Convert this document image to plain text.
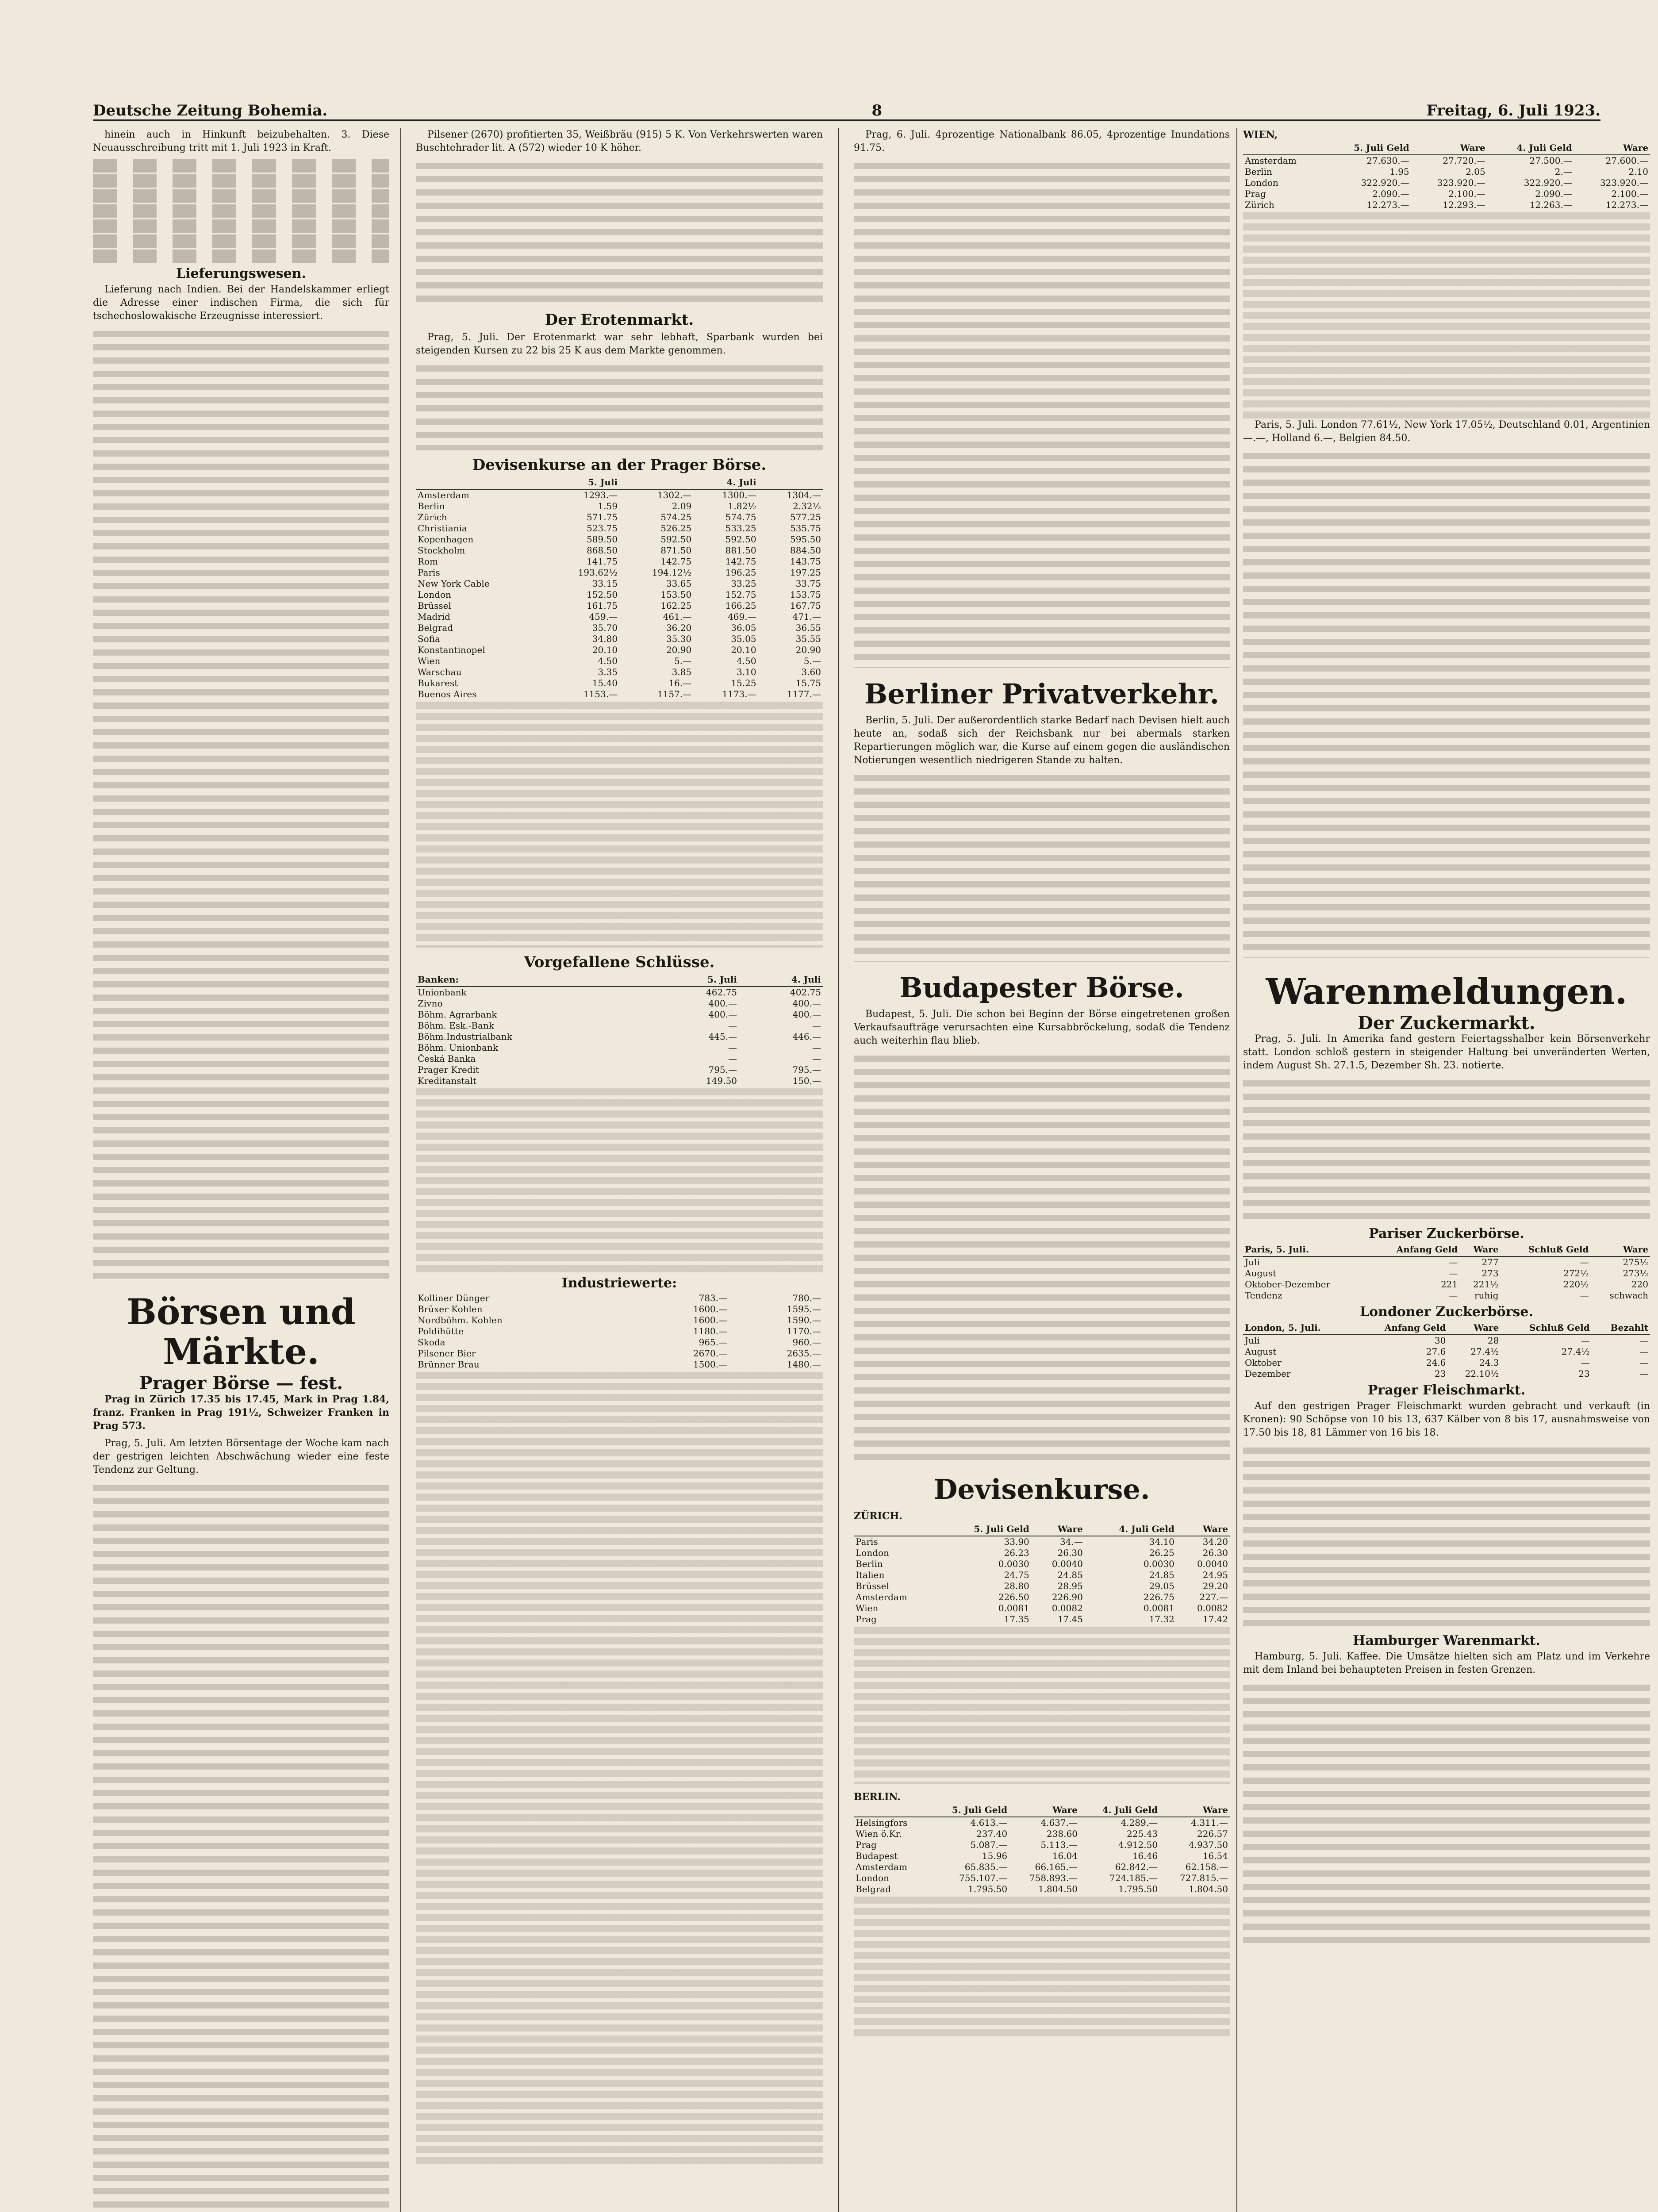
Deutsche Zeitung Bohemia.	8	Freitag, 6. Juli 1923.

hinein auch in Hinkunft beizubehalten. 3. Diese Neuausschreibung tritt mit 1. Juli 1923 in Kraft.

Lieferungswesen.

Lieferung nach Indien. Bei der Handelskammer erliegt die Adresse einer indischen Firma, die sich für tschechoslowakische Erzeugnisse interessiert.

Börsen und Märkte.
Prager Börse — fest.

Prag in Zürich 17.35 bis 17.45, Mark in Prag 1.84, franz. Franken in Prag 191½, Schweizer Franken in Prag 573.

Prag, 5. Juli. Am letzten Börsentage der Woche kam nach der gestrigen leichten Abschwächung wieder eine feste Tendenz zur Geltung.

Pilsener (2670) profitierten 35, Weißbräu (915) 5 K. Von Verkehrswerten waren Buschtehrader lit. A (572) wieder 10 K höher.

Der Erotenmarkt.

Prag, 5. Juli. Der Erotenmarkt war sehr lebhaft, Sparbank wurden bei steigenden Kursen zu 22 bis 25 K aus dem Markte genommen.

Devisenkurse an der Prager Börse.
	5. Juli		4. Juli	
Amsterdam	1293.—	1302.—	1300.—	1304.—
Berlin	1.59	2.09	1.82½	2.32½
Zürich	571.75	574.25	574.75	577.25
Christiania	523.75	526.25	533.25	535.75
Kopenhagen	589.50	592.50	592.50	595.50
Stockholm	868.50	871.50	881.50	884.50
Rom	141.75	142.75	142.75	143.75
Paris	193.62½	194.12½	196.25	197.25
New York Cable	33.15	33.65	33.25	33.75
London	152.50	153.50	152.75	153.75
Brüssel	161.75	162.25	166.25	167.75
Madrid	459.—	461.—	469.—	471.—
Belgrad	35.70	36.20	36.05	36.55
Sofia	34.80	35.30	35.05	35.55
Konstantinopel	20.10	20.90	20.10	20.90
Wien	4.50	5.—	4.50	5.—
Warschau	3.35	3.85	3.10	3.60
Bukarest	15.40	16.—	15.25	15.75
Buenos Aires	1153.—	1157.—	1173.—	1177.—
Vorgefallene Schlüsse.
Banken:	5. Juli	4. Juli
Unionbank	462.75	402.75
Zivno	400.—	400.—
Böhm. Agrarbank	400.—	400.—
Böhm. Esk.-Bank	—	—
Böhm.Industrialbank	445.—	446.—
Böhm. Unionbank	—	—
Česká Banka	—	—
Prager Kredit	795.—	795.—
Kreditanstalt	149.50	150.—
Industriewerte:
Kolliner Dünger	783.—	780.—
Brüxer Kohlen	1600.—	1595.—
Nordböhm. Kohlen	1600.—	1590.—
Poldihütte	1180.—	1170.—
Skoda	965.—	960.—
Pilsener Bier	2670.—	2635.—
Brünner Brau	1500.—	1480.—

Prag, 6. Juli. 4prozentige Nationalbank 86.05, 4prozentige Inundations 91.75.

Berliner Privatverkehr.

Berlin, 5. Juli. Der außerordentlich starke Bedarf nach Devisen hielt auch heute an, sodaß sich der Reichsbank nur bei abermals starken Repartierungen möglich war, die Kurse auf einem gegen die ausländischen Notierungen wesentlich niedrigeren Stande zu halten.

Budapester Börse.

Budapest, 5. Juli. Die schon bei Beginn der Börse eingetretenen großen Verkaufsaufträge verursachten eine Kursabbröckelung, sodaß die Tendenz auch weiterhin flau blieb.

Devisenkurse.
ZÜRICH.
	5. Juli Geld	Ware	4. Juli Geld	Ware
Paris	33.90	34.—	34.10	34.20
London	26.23	26.30	26.25	26.30
Berlin	0.0030	0.0040	0.0030	0.0040
Italien	24.75	24.85	24.85	24.95
Brüssel	28.80	28.95	29.05	29.20
Amsterdam	226.50	226.90	226.75	227.—
Wien	0.0081	0.0082	0.0081	0.0082
Prag	17.35	17.45	17.32	17.42
BERLIN.
	5. Juli Geld	Ware	4. Juli Geld	Ware
Helsingfors	4.613.—	4.637.—	4.289.—	4.311.—
Wien ö.Kr.	237.40	238.60	225.43	226.57
Prag	5.087.—	5.113.—	4.912.50	4.937.50
Budapest	15.96	16.04	16.46	16.54
Amsterdam	65.835.—	66.165.—	62.842.—	62.158.—
London	755.107.—	758.893.—	724.185.—	727.815.—
Belgrad	1.795.50	1.804.50	1.795.50	1.804.50
WIEN,
	5. Juli Geld	Ware	4. Juli Geld	Ware
Amsterdam	27.630.—	27.720.—	27.500.—	27.600.—
Berlin	1.95	2.05	2.—	2.10
London	322.920.—	323.920.—	322.920.—	323.920.—
Prag	2.090.—	2.100.—	2.090.—	2.100.—
Zürich	12.273.—	12.293.—	12.263.—	12.273.—

Paris, 5. Juli. London 77.61½, New York 17.05½, Deutschland 0.01, Argentinien —.—, Holland 6.—, Belgien 84.50.

Warenmeldungen.
Der Zuckermarkt.

Prag, 5. Juli. In Amerika fand gestern Feiertagsshalber kein Börsenverkehr statt. London schloß gestern in steigender Haltung bei unveränderten Werten, indem August Sh. 27.1.5, Dezember Sh. 23. notierte.

Pariser Zuckerbörse.
Paris, 5. Juli.	Anfang Geld	Ware	Schluß Geld	Ware
Juli	—	277	—	275½
August	—	273	272½	273½
Oktober-Dezember	221	221½	220½	220
Tendenz	—	ruhig	—	schwach
Londoner Zuckerbörse.
London, 5. Juli.	Anfang Geld	Ware	Schluß Geld	Bezahlt
Juli	30	28	—	—
August	27.6	27.4½	27.4½	—
Oktober	24.6	24.3	—	—
Dezember	23	22.10½	23	—
Prager Fleischmarkt.

Auf den gestrigen Prager Fleischmarkt wurden gebracht und verkauft (in Kronen): 90 Schöpse von 10 bis 13, 637 Kälber von 8 bis 17, ausnahmsweise von 17.50 bis 18, 81 Lämmer von 16 bis 18.

Hamburger Warenmarkt.

Hamburg, 5. Juli. Kaffee. Die Umsätze hielten sich am Platz und im Verkehre mit dem Inland bei behaupteten Preisen in festen Grenzen.
